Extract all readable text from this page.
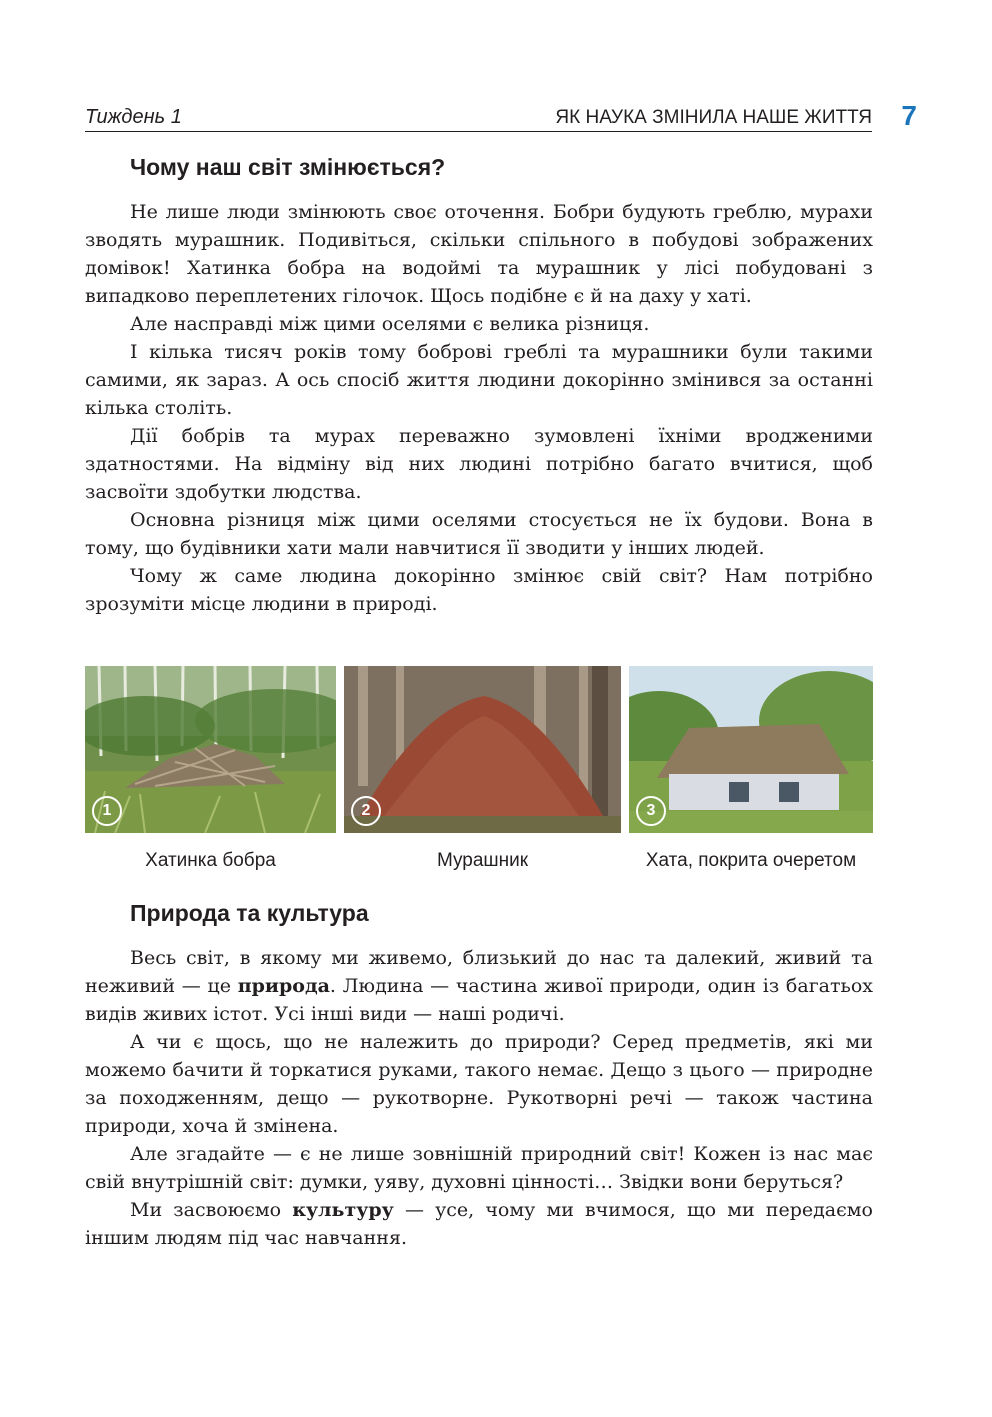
Тиждень 1	ЯК НАУКА ЗМІНИЛА НАШЕ ЖИТТЯ 7
Чому наш світ змінюється?

Не лише люди змінюють своє оточення. Бобри будують греблю, мурахи зводять мурашник. Подивіться, скільки спільного в побудові зображених домівок! Хатинка бобра на водоймі та мурашник у лісі побудовані з випадково переплетених гілочок. Щось подібне є й на даху у хаті.

Але насправді між цими оселями є велика різниця.

І кілька тисяч років тому боброві греблі та мурашники були такими самими, як зараз. А ось спосіб життя людини докорінно змінився за останні кілька століть.

Дії бобрів та мурах переважно зумовлені їхніми вродженими здатностями. На відміну від них людині потрібно багато вчитися, щоб засвоїти здобутки людства.

Основна різниця між цими оселями стосується не їх будови. Вона в тому, що будівники хати мали навчитися її зводити у інших людей.

Чому ж саме людина докорінно змінює свій світ? Нам потрібно зрозуміти місце людини в природі.

1	2	3
Хатинка бобра	Мурашник	Хата, покрита очеретом
Природа та культура

Весь світ, в якому ми живемо, близький до нас та далекий, живий та неживий — це природа. Людина — частина живої природи, один із багатьох видів живих істот. Усі інші види — наші родичі.

А чи є щось, що не належить до природи? Серед предметів, які ми можемо бачити й торкатися руками, такого немає. Дещо з цього — природне за походженням, дещо — рукотворне. Рукотворні речі — також частина природи, хоча й змінена.

Але згадайте — є не лише зовнішній природний світ! Кожен із нас має свій внутрішній світ: думки, уяву, духовні цінності… Звідки вони беруться?

Ми засвоюємо культуру — усе, чому ми вчимося, що ми передаємо іншим людям під час навчання.
